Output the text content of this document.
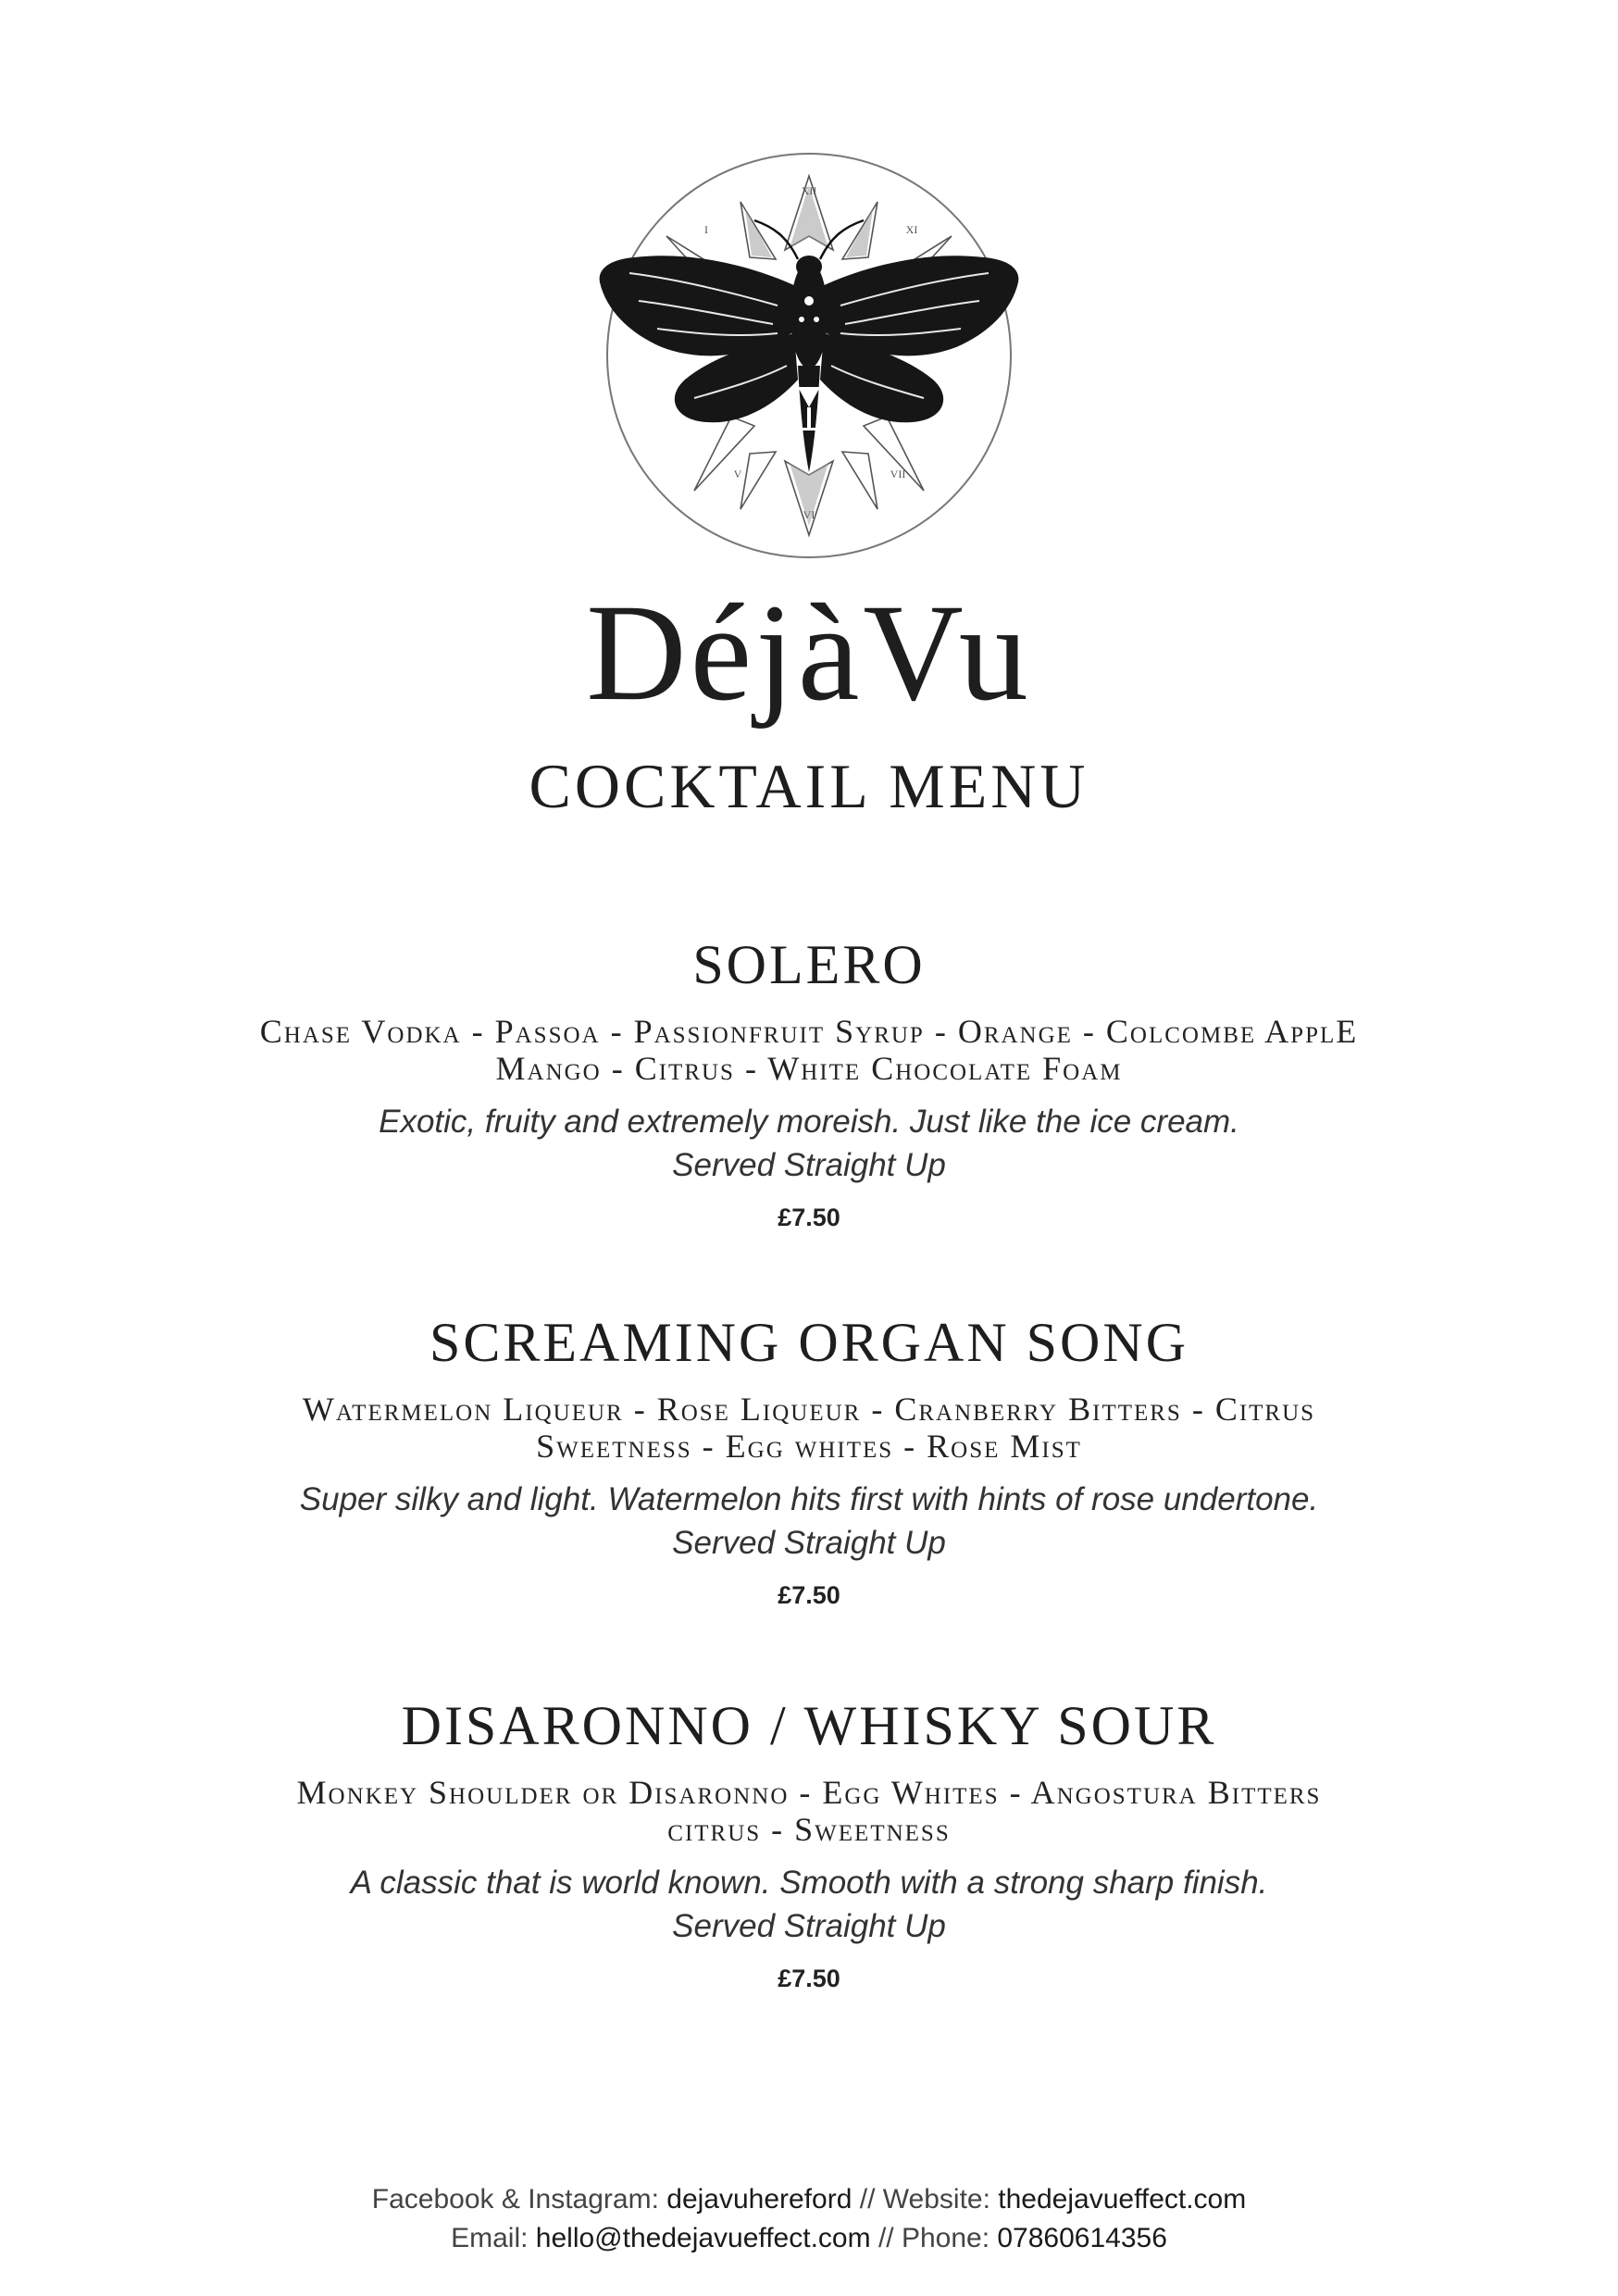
XII
I	XI
V	VII
VI
DéjàVu
COCKTAIL MENU
SOLERO
Chase Vodka - Passoa - Passionfruit Syrup - Orange - Colcombe ApplE
Mango - Citrus - White Chocolate Foam
Exotic, fruity and extremely moreish. Just like the ice cream.
Served Straight Up
£7.50
SCREAMING ORGAN SONG
Watermelon Liqueur - Rose Liqueur - Cranberry Bitters - Citrus
Sweetness - Egg whites - Rose Mist
Super silky and light. Watermelon hits first with hints of rose undertone.
Served Straight Up
£7.50
DISARONNO / WHISKY SOUR
Monkey Shoulder or Disaronno - Egg Whites - Angostura Bitters
citrus - Sweetness
A classic that is world known. Smooth with a strong sharp finish.
Served Straight Up
£7.50
Facebook & Instagram: dejavuhereford // Website: thedejavueffect.com
Email: hello@thedejavueffect.com // Phone: 07860614356
